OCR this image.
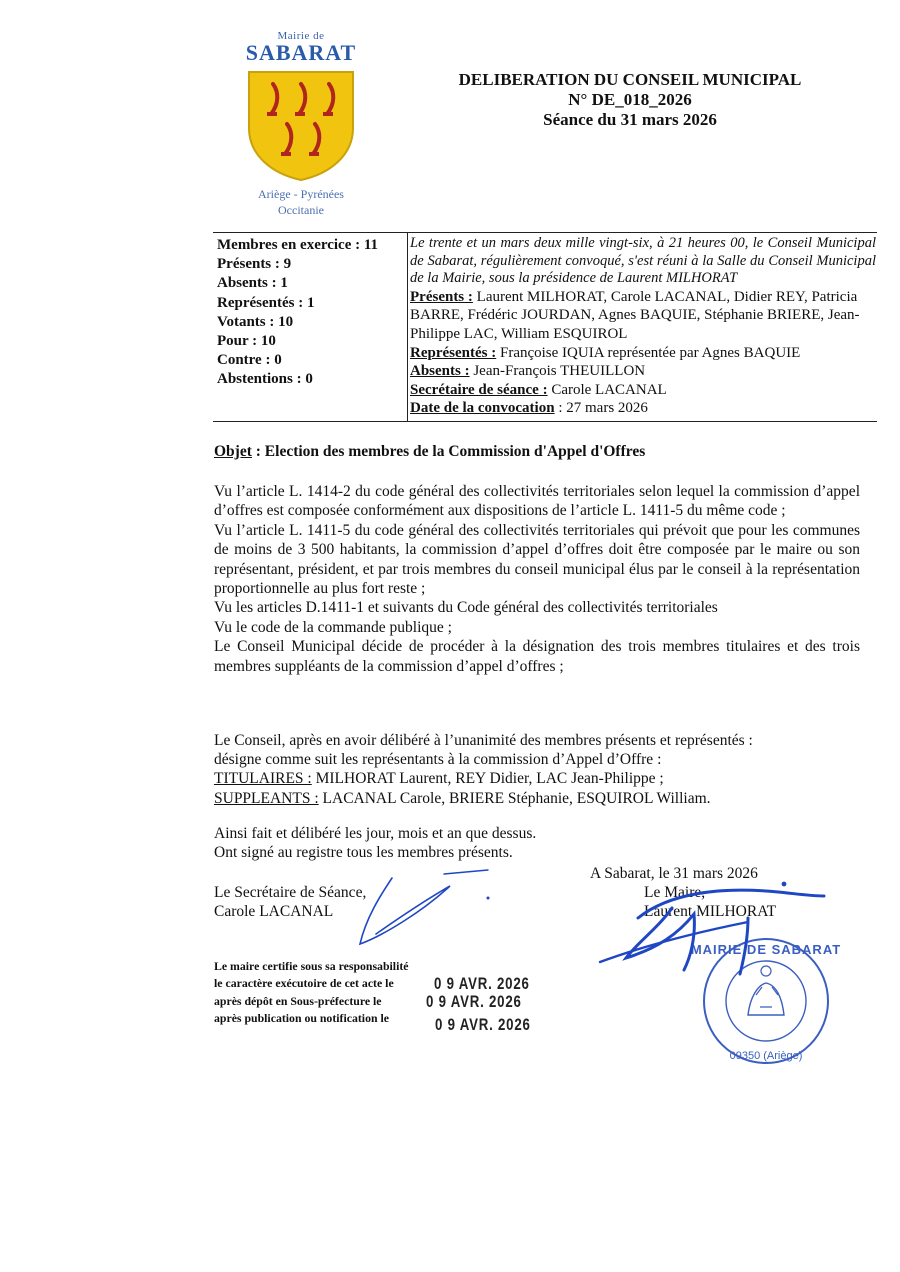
Mairie de
SABARAT
Ariège - Pyrénées
Occitanie
DELIBERATION DU CONSEIL MUNICIPAL
N° DE_018_2026
Séance du 31 mars 2026
Membres en exercice : 11
Présents : 9
Absents : 1
Représentés : 1
Votants : 10
Pour : 10
Contre : 0
Abstentions : 0
Le trente et un mars deux mille vingt-six, à 21 heures 00, le Conseil Municipal de Sabarat, régulièrement convoqué, s'est réuni à la Salle du Conseil Municipal de la Mairie, sous la présidence de Laurent MILHORAT
Présents : Laurent MILHORAT, Carole LACANAL, Didier REY, Patricia BARRE, Frédéric JOURDAN, Agnes BAQUIE, Stéphanie BRIERE, Jean-Philippe LAC, William ESQUIROL
Représentés : Françoise IQUIA représentée par Agnes BAQUIE
Absents : Jean-François THEUILLON
Secrétaire de séance : Carole LACANAL
Date de la convocation : 27 mars 2026
Objet : Election des membres de la Commission d'Appel d'Offres

Vu l’article L. 1414-2 du code général des collectivités territoriales selon lequel la commission d’appel d’offres est composée conformément aux dispositions de l’article L. 1411-5 du même code ;

Vu l’article L. 1411-5 du code général des collectivités territoriales qui prévoit que pour les communes de moins de 3 500 habitants, la commission d’appel d’offres doit être composée par le maire ou son représentant, président, et par trois membres du conseil municipal élus par le conseil à la représentation proportionnelle au plus fort reste ;

Vu les articles D.1411-1 et suivants du Code général des collectivités territoriales

Vu le code de la commande publique ;

Le Conseil Municipal décide de procéder à la désignation des trois membres titulaires et des trois membres suppléants de la commission d’appel d’offres ;

Le Conseil, après en avoir délibéré à l’unanimité des membres présents et représentés :

désigne comme suit les représentants à la commission d’Appel d’Offre :

TITULAIRES : MILHORAT Laurent, REY Didier, LAC Jean-Philippe ;

SUPPLEANTS : LACANAL Carole, BRIERE Stéphanie, ESQUIROL William.

Ainsi fait et délibéré les jour, mois et an que dessus.

Ont signé au registre tous les membres présents.

Le Secrétaire de Séance,
Carole LACANAL
A Sabarat, le 31 mars 2026
Le Maire,
Laurent MILHORAT
MAIRIE DE SABARAT
09350 (Ariège)
Le maire certifie sous sa responsabilité
le caractère exécutoire de cet acte le
après dépôt en Sous-préfecture le
après publication ou notification le
0 9 AVR. 2026
0 9 AVR. 2026
0 9 AVR. 2026
